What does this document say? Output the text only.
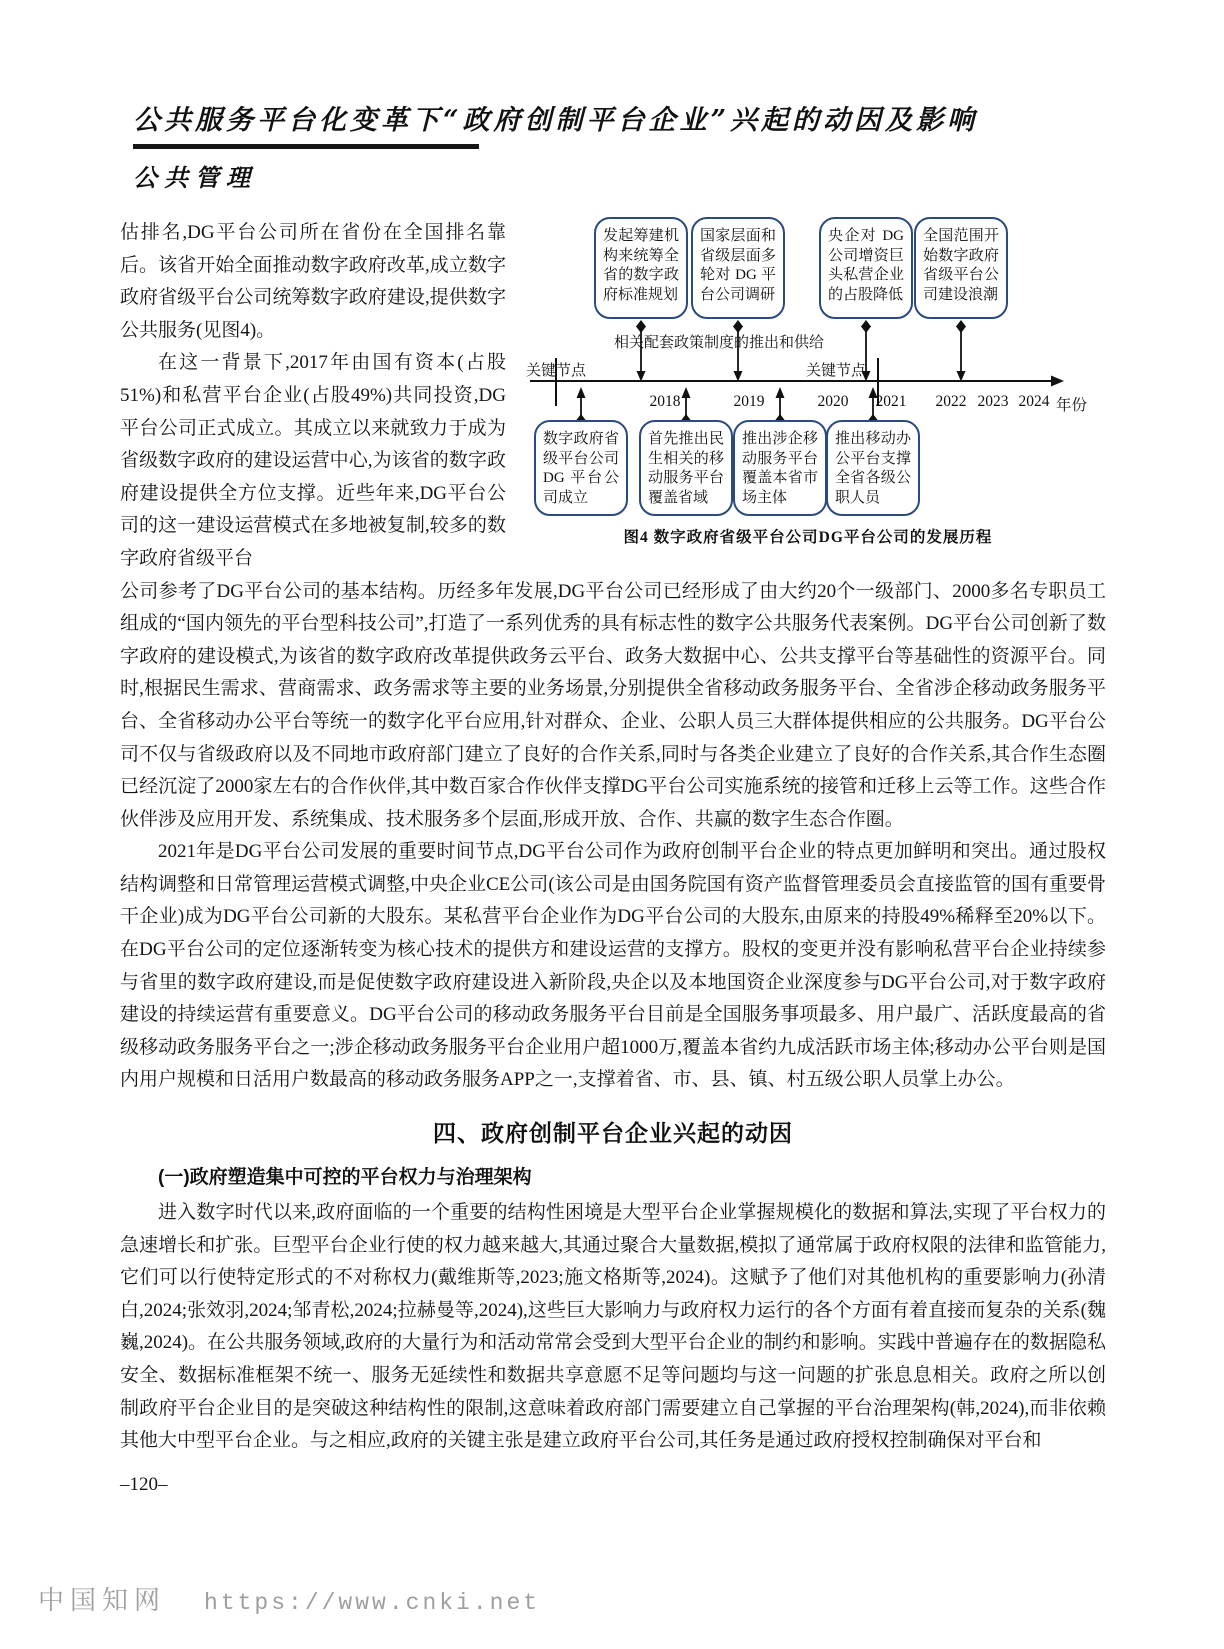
公共服务平台化变革下“政府创制平台企业”兴起的动因及影响
公共管理

估排名,DG平台公司所在省份在全国排名靠后。该省开始全面推动数字政府改革,成立数字政府省级平台公司统筹数字政府建设,提供数字公共服务(见图4)。

在这一背景下,2017年由国有资本(占股51%)和私营平台企业(占股49%)共同投资,DG平台公司正式成立。其成立以来就致力于成为省级数字政府的建设运营中心,为该省的数字政府建设提供全方位支撑。近些年来,DG平台公司的这一建设运营模式在多地被复制,较多的数字政府省级平台

发起筹建机构来统筹全省的数字政府标准规划
国家层面和省级层面多轮对 DG 平台公司调研
央企对 DG 公司增资巨头私营企业的占股降低
全国范围开始数字政府省级平台公司建设浪潮
相关配套政策制度的推出和供给
关键节点	关键节点
2018	2019	2020 2021 2022 2023 2024 年份
数字政府省级平台公司 DG 平台公司成立
首先推出民生相关的移动服务平台覆盖省域
推出涉企移动服务平台覆盖本省市场主体
推出移动办公平台支撑全省各级公职人员
图4 数字政府省级平台公司DG平台公司的发展历程

公司参考了DG平台公司的基本结构。历经多年发展,DG平台公司已经形成了由大约20个一级部门、2000多名专职员工组成的“国内领先的平台型科技公司”,打造了一系列优秀的具有标志性的数字公共服务代表案例。DG平台公司创新了数字政府的建设模式,为该省的数字政府改革提供政务云平台、政务大数据中心、公共支撑平台等基础性的资源平台。同时,根据民生需求、营商需求、政务需求等主要的业务场景,分别提供全省移动政务服务平台、全省涉企移动政务服务平台、全省移动办公平台等统一的数字化平台应用,针对群众、企业、公职人员三大群体提供相应的公共服务。DG平台公司不仅与省级政府以及不同地市政府部门建立了良好的合作关系,同时与各类企业建立了良好的合作关系,其合作生态圈已经沉淀了2000家左右的合作伙伴,其中数百家合作伙伴支撑DG平台公司实施系统的接管和迁移上云等工作。这些合作伙伴涉及应用开发、系统集成、技术服务多个层面,形成开放、合作、共赢的数字生态合作圈。

2021年是DG平台公司发展的重要时间节点,DG平台公司作为政府创制平台企业的特点更加鲜明和突出。通过股权结构调整和日常管理运营模式调整,中央企业CE公司(该公司是由国务院国有资产监督管理委员会直接监管的国有重要骨干企业)成为DG平台公司新的大股东。某私营平台企业作为DG平台公司的大股东,由原来的持股49%稀释至20%以下。在DG平台公司的定位逐渐转变为核心技术的提供方和建设运营的支撑方。股权的变更并没有影响私营平台企业持续参与省里的数字政府建设,而是促使数字政府建设进入新阶段,央企以及本地国资企业深度参与DG平台公司,对于数字政府建设的持续运营有重要意义。DG平台公司的移动政务服务平台目前是全国服务事项最多、用户最广、活跃度最高的省级移动政务服务平台之一;涉企移动政务服务平台企业用户超1000万,覆盖本省约九成活跃市场主体;移动办公平台则是国内用户规模和日活用户数最高的移动政务服务APP之一,支撑着省、市、县、镇、村五级公职人员掌上办公。

四、政府创制平台企业兴起的动因
(一)政府塑造集中可控的平台权力与治理架构

进入数字时代以来,政府面临的一个重要的结构性困境是大型平台企业掌握规模化的数据和算法,实现了平台权力的急速增长和扩张。巨型平台企业行使的权力越来越大,其通过聚合大量数据,模拟了通常属于政府权限的法律和监管能力,它们可以行使特定形式的不对称权力(戴维斯等,2023;施文格斯等,2024)。这赋予了他们对其他机构的重要影响力(孙清白,2024;张效羽,2024;邹青松,2024;拉赫曼等,2024),这些巨大影响力与政府权力运行的各个方面有着直接而复杂的关系(魏巍,2024)。在公共服务领域,政府的大量行为和活动常常会受到大型平台企业的制约和影响。实践中普遍存在的数据隐私安全、数据标准框架不统一、服务无延续性和数据共享意愿不足等问题均与这一问题的扩张息息相关。政府之所以创制政府平台企业目的是突破这种结构性的限制,这意味着政府部门需要建立自己掌握的平台治理架构(韩,2024),而非依赖其他大中型平台企业。与之相应,政府的关键主张是建立政府平台公司,其任务是通过政府授权控制确保对平台和

–120–
中国知网 https://www.cnki.net
